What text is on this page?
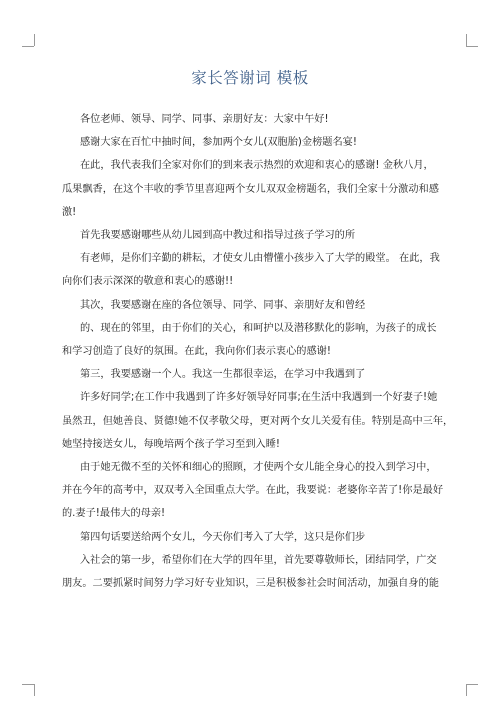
家长答谢词 模板

各位老师、领导、同学、同事、亲朋好友：大家中午好!

感谢大家在百忙中抽时间，参加两个女儿(双胞胎)金榜题名宴!

在此，我代表我们全家对你们的到来表示热烈的欢迎和衷心的感谢! 金秋八月，

瓜果飘香，在这个丰收的季节里喜迎两个女儿双双金榜题名，我们全家十分激动和感

激!

首先我要感谢哪些从幼儿园到高中教过和指导过孩子学习的所

有老师，是你们辛勤的耕耘，才使女儿由懵懂小孩步入了大学的殿堂。 在此，我

向你们表示深深的敬意和衷心的感谢!!

其次，我要感谢在座的各位领导、同学、同事、亲朋好友和曾经

的、现在的邻里，由于你们的关心，和呵护以及潜移默化的影响，为孩子的成长

和学习创造了良好的氛围。在此，我向你们表示衷心的感谢!

第三，我要感谢一个人。我这一生都很幸运，在学习中我遇到了

许多好同学;在工作中我遇到了许多好领导好同事;在生活中我遇到一个好妻子!她

虽然丑，但她善良、贤德!她不仅孝敬父母，更对两个女儿关爱有佳。特别是高中三年，

她坚持接送女儿，每晚培两个孩子学习至到入睡!

由于她无微不至的关怀和细心的照顾，才使两个女儿能全身心的投入到学习中，

并在今年的高考中，双双考入全国重点大学。在此，我要说：老婆你辛苦了!你是最好

的.妻子!最伟大的母亲!

第四句话要送给两个女儿，今天你们考入了大学，这只是你们步

入社会的第一步，希望你们在大学的四年里，首先要尊敬师长，团结同学，广交

朋友。二要抓紧时间努力学习好专业知识，三是积极参社会时间活动，加强自身的能
